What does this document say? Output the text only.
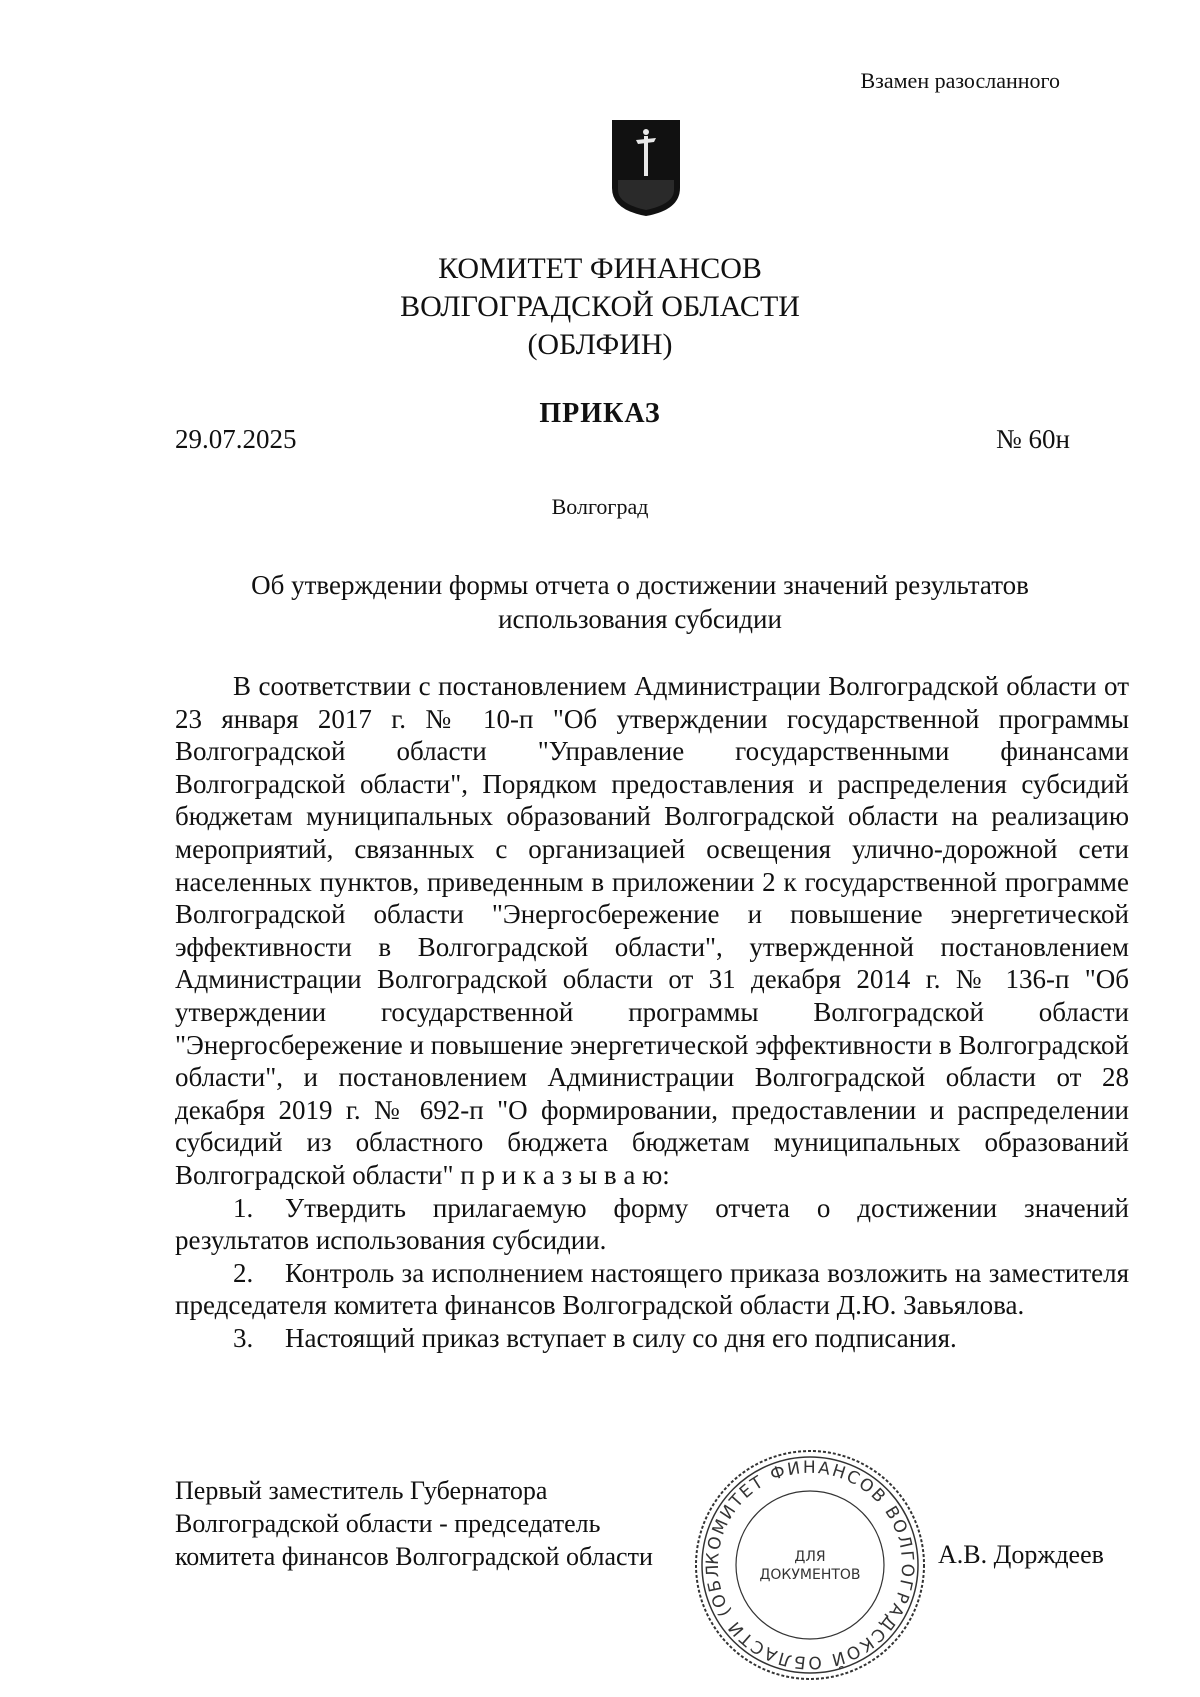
Взамен разосланного
КОМИТЕТ ФИНАНСОВ
ВОЛГОГРАДСКОЙ ОБЛАСТИ
(ОБЛФИН)
ПРИКАЗ
29.07.2025	№ 60н
Волгоград
Об утверждении формы отчета о достижении значений результатов
использования субсидии

В соответствии с постановлением Администрации Волгоградской области от 23 января 2017 г. № 10-п "Об утверждении государственной программы Волгоградской области "Управление государственными финансами Волгоградской области", Порядком предоставления и распределения субсидий бюджетам муниципальных образований Волгоградской области на реализацию мероприятий, связанных с организацией освещения улично-дорожной сети населенных пунктов, приведенным в приложении 2 к государственной программе Волгоградской области "Энергосбережение и повышение энергетической эффективности в Волгоградской области", утвержденной постановлением Администрации Волгоградской области от 31 декабря 2014 г. № 136-п "Об утверждении государственной программы Волгоградской области "Энергосбережение и повышение энергетической эффективности в Волгоградской области", и постановлением Администрации Волгоградской области от 28 декабря 2019 г. № 692-п "О формировании, предоставлении и распределении субсидий из областного бюджета бюджетам муниципальных образований Волгоградской области" п р и к а з ы в а ю:

1. Утвердить прилагаемую форму отчета о достижении значений результатов использования субсидии.

2. Контроль за исполнением настоящего приказа возложить на заместителя председателя комитета финансов Волгоградской области Д.Ю. Завьялова.

3. Настоящий приказ вступает в силу со дня его подписания.

КОМИТЕТ ФИНАНСОВ ВОЛГОГРАДСКОЙ ОБЛАСТИ (ОБЛ
ДЛЯ
ДОКУМЕНТОВ
Первый заместитель Губернатора
Волгоградской области - председатель
комитета финансов Волгоградской области	А.В. Дорждеев
